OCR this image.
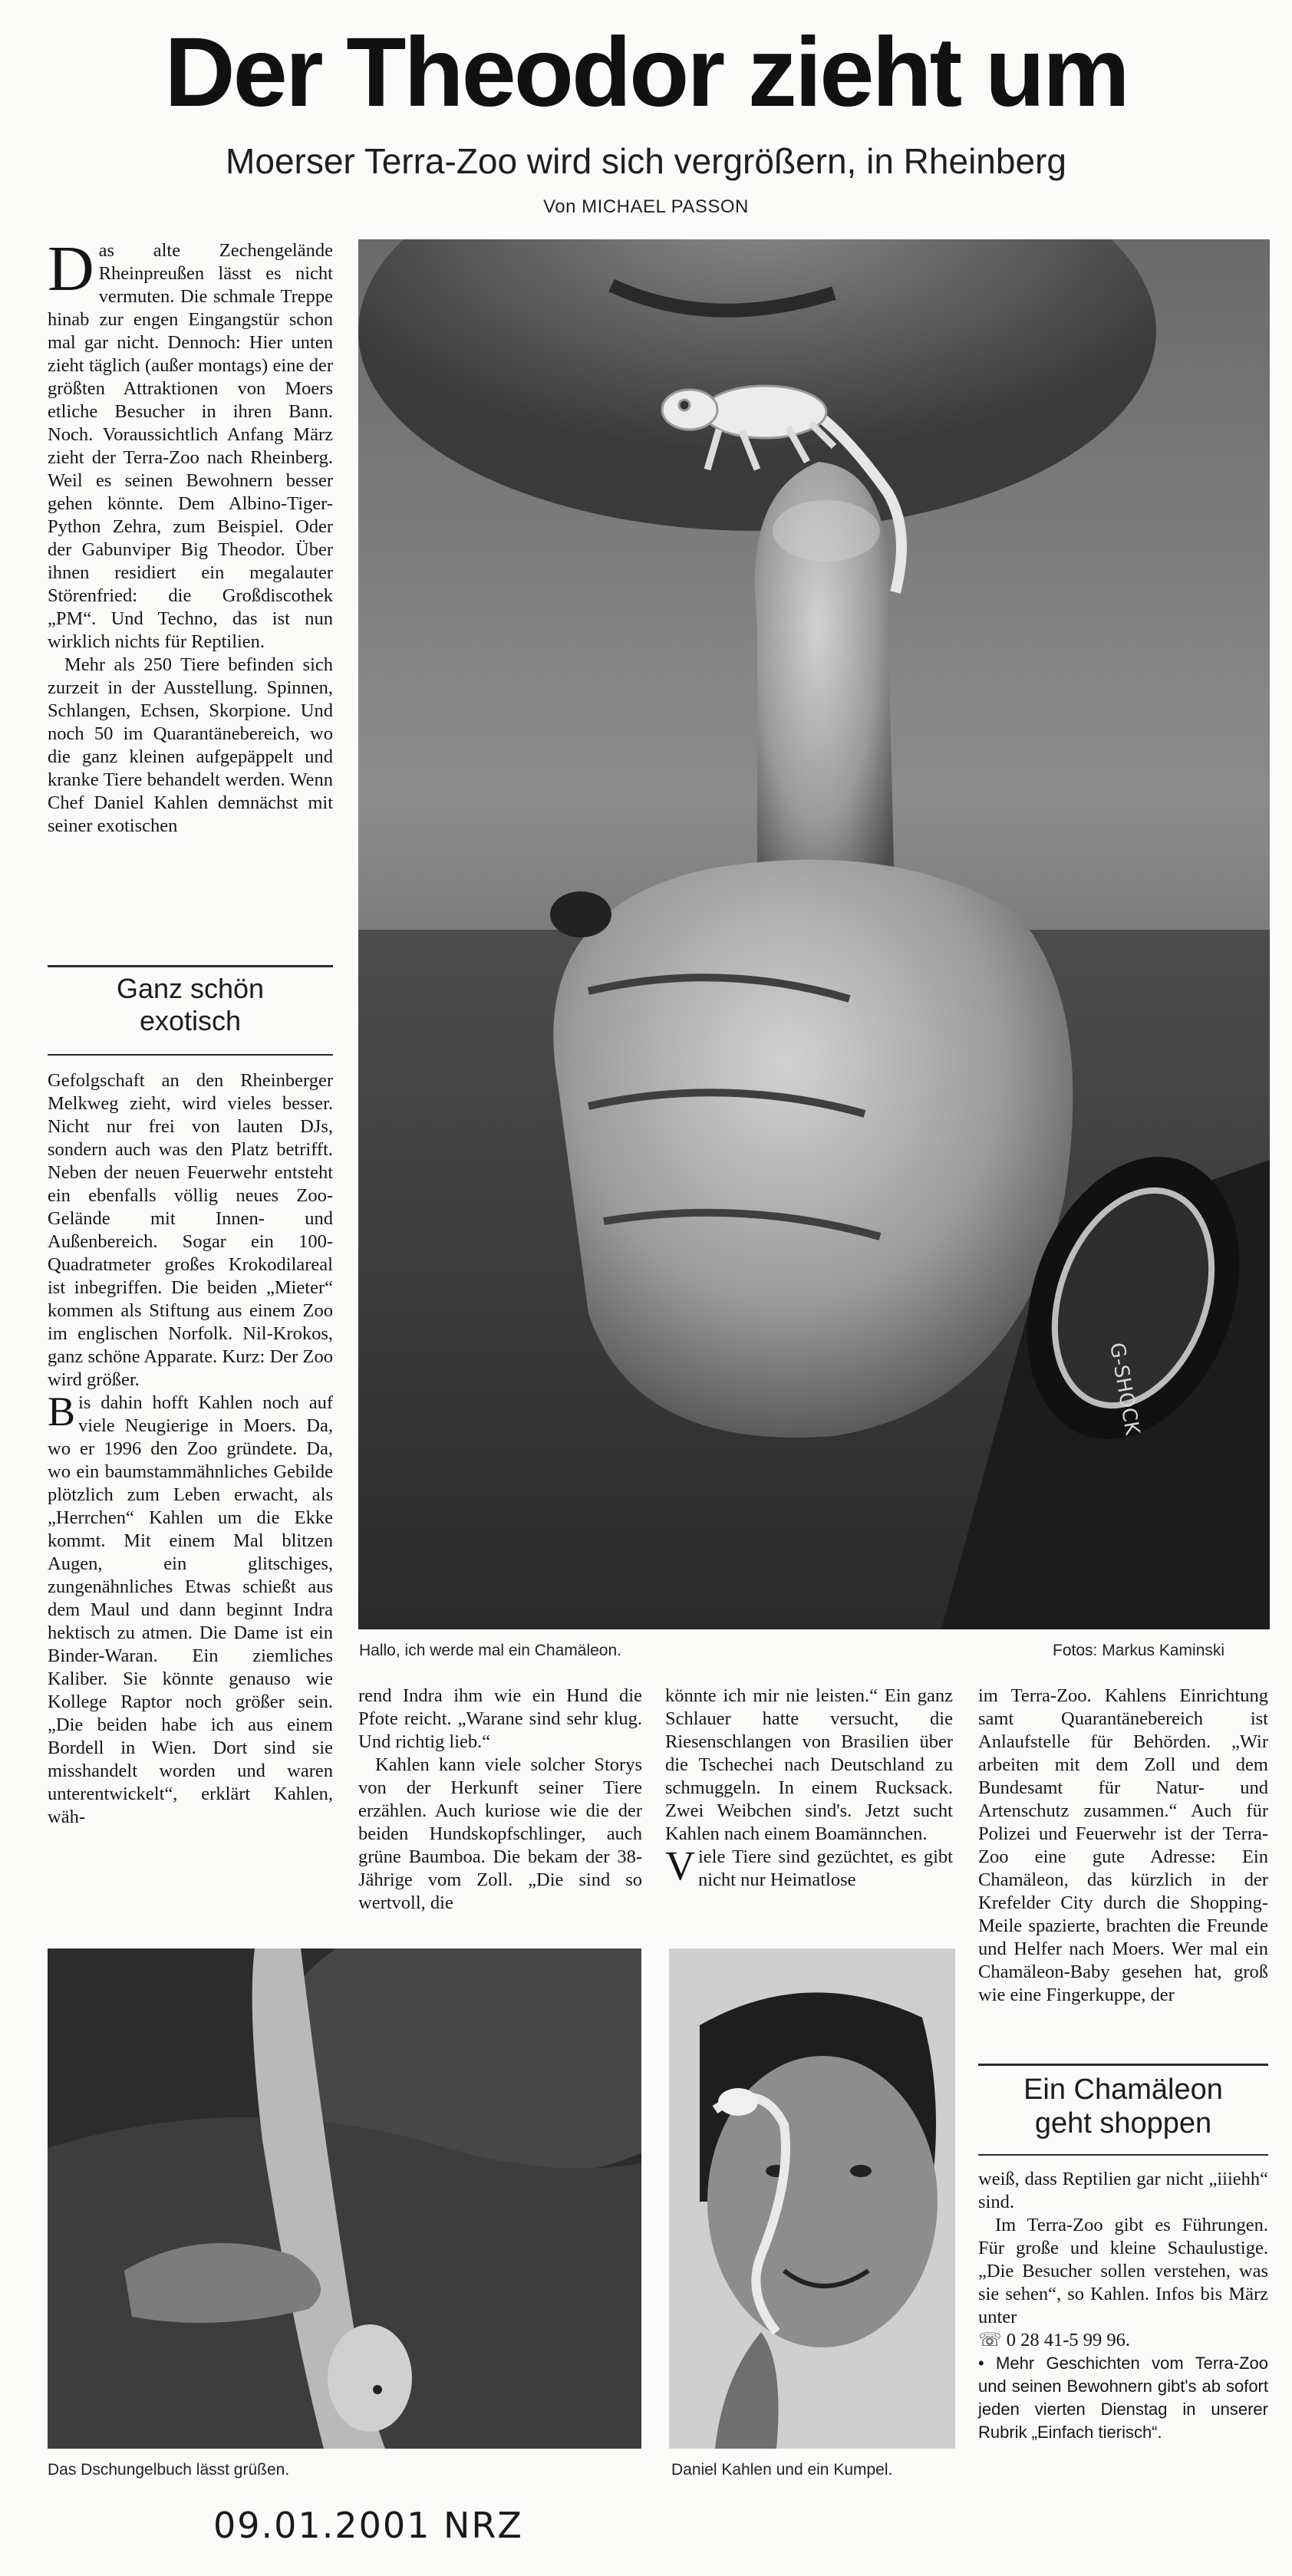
Der Theodor zieht um
Moerser Terra-Zoo wird sich vergrößern, in Rheinberg
Von MICHAEL PASSON

Das alte Zechengelände Rheinpreußen lässt es nicht vermuten. Die schmale Treppe hinab zur engen Eingangstür schon mal gar nicht. Dennoch: Hier unten zieht täglich (außer montags) eine der größten Attraktionen von Moers etliche Besucher in ihren Bann. Noch. Voraussichtlich Anfang März zieht der Terra-Zoo nach Rheinberg. Weil es seinen Bewohnern besser gehen könnte. Dem Albino-Tiger-Python Zehra, zum Beispiel. Oder der Gabunviper Big Theodor. Über ihnen residiert ein megalauter Störenfried: die Großdiscothek „PM“. Und Techno, das ist nun wirklich nichts für Reptilien.

Mehr als 250 Tiere befinden sich zurzeit in der Ausstellung. Spinnen, Schlangen, Echsen, Skorpione. Und noch 50 im Quarantänebereich, wo die ganz kleinen aufgepäppelt und kranke Tiere behandelt werden. Wenn Chef Daniel Kahlen demnächst mit seiner exotischen

Ganz schön
exotisch

Gefolgschaft an den Rheinberger Melkweg zieht, wird vieles besser. Nicht nur frei von lauten DJs, sondern auch was den Platz betrifft. Neben der neuen Feuerwehr entsteht ein ebenfalls völlig neues Zoo-Gelände mit Innen- und Außenbereich. Sogar ein 100-Quadratmeter großes Krokodilareal ist inbegriffen. Die beiden „Mieter“ kommen als Stiftung aus einem Zoo im englischen Norfolk. Nil-Krokos, ganz schöne Apparate. Kurz: Der Zoo wird größer.

Bis dahin hofft Kahlen noch auf viele Neugierige in Moers. Da, wo er 1996 den Zoo gründete. Da, wo ein baumstammähnliches Gebilde plötzlich zum Leben erwacht, als „Herrchen“ Kahlen um die Ekke kommt. Mit einem Mal blitzen Augen, ein glitschiges, zungenähnliches Etwas schießt aus dem Maul und dann beginnt Indra hektisch zu atmen. Die Dame ist ein Binder-Waran. Ein ziemliches Kaliber. Sie könnte genauso wie Kollege Raptor noch größer sein. „Die beiden habe ich aus einem Bordell in Wien. Dort sind sie misshandelt worden und waren unterentwickelt“, erklärt Kahlen, wäh-

G-SHOCK
Hallo, ich werde mal ein Chamäleon.	Fotos: Markus Kaminski

rend Indra ihm wie ein Hund die Pfote reicht. „Warane sind sehr klug. Und richtig lieb.“

Kahlen kann viele solcher Storys von der Herkunft seiner Tiere erzählen. Auch kuriose wie die der beiden Hundskopfschlinger, auch grüne Baumboa. Die bekam der 38-Jährige vom Zoll. „Die sind so wertvoll, die

könnte ich mir nie leisten.“ Ein ganz Schlauer hatte versucht, die Riesenschlangen von Brasilien über die Tschechei nach Deutschland zu schmuggeln. In einem Rucksack. Zwei Weibchen sind's. Jetzt sucht Kahlen nach einem Boamännchen.

Viele Tiere sind gezüchtet, es gibt nicht nur Heimatlose

im Terra-Zoo. Kahlens Einrichtung samt Quarantänebereich ist Anlaufstelle für Behörden. „Wir arbeiten mit dem Zoll und dem Bundesamt für Natur- und Artenschutz zusammen.“ Auch für Polizei und Feuerwehr ist der Terra-Zoo eine gute Adresse: Ein Chamäleon, das kürzlich in der Krefelder City durch die Shopping-Meile spazierte, brachten die Freunde und Helfer nach Moers. Wer mal ein Chamäleon-Baby gesehen hat, groß wie eine Fingerkuppe, der

Ein Chamäleon
geht shoppen

weiß, dass Reptilien gar nicht „iiiehh“ sind.

Im Terra-Zoo gibt es Führungen. Für große und kleine Schaulustige. „Die Besucher sollen verstehen, was sie sehen“, so Kahlen. Infos bis März unter

☏ 0 28 41-5 99 96.

• Mehr Geschichten vom Terra-Zoo und seinen Bewohnern gibt's ab sofort jeden vierten Dienstag in unserer Rubrik „Einfach tierisch“.

Das Dschungelbuch lässt grüßen.	Daniel Kahlen und ein Kumpel.
09.01.2001 NRZ
